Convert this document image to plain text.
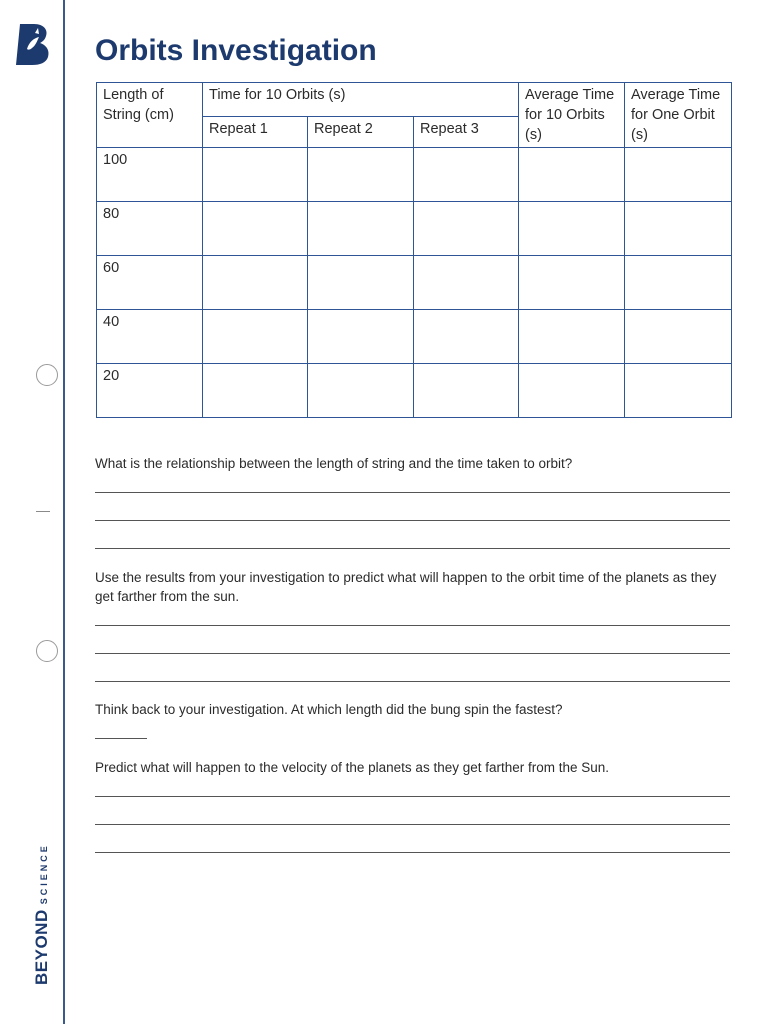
BEYONDSCIENCE
Orbits Investigation
Length of String (cm)	Time for 10 Orbits (s)			Average Time for 10 Orbits (s)	Average Time for One Orbit (s)
	Repeat 1	Repeat 2	Repeat 3		
100					
80					
60					
40					
20					
What is the relationship between the length of string and the time taken to orbit?
Use the results from your investigation to predict what will happen to the orbit time of the planets as they get farther from the sun.
Think back to your investigation. At which length did the bung spin the fastest?
Predict what will happen to the velocity of the planets as they get farther from the Sun.
